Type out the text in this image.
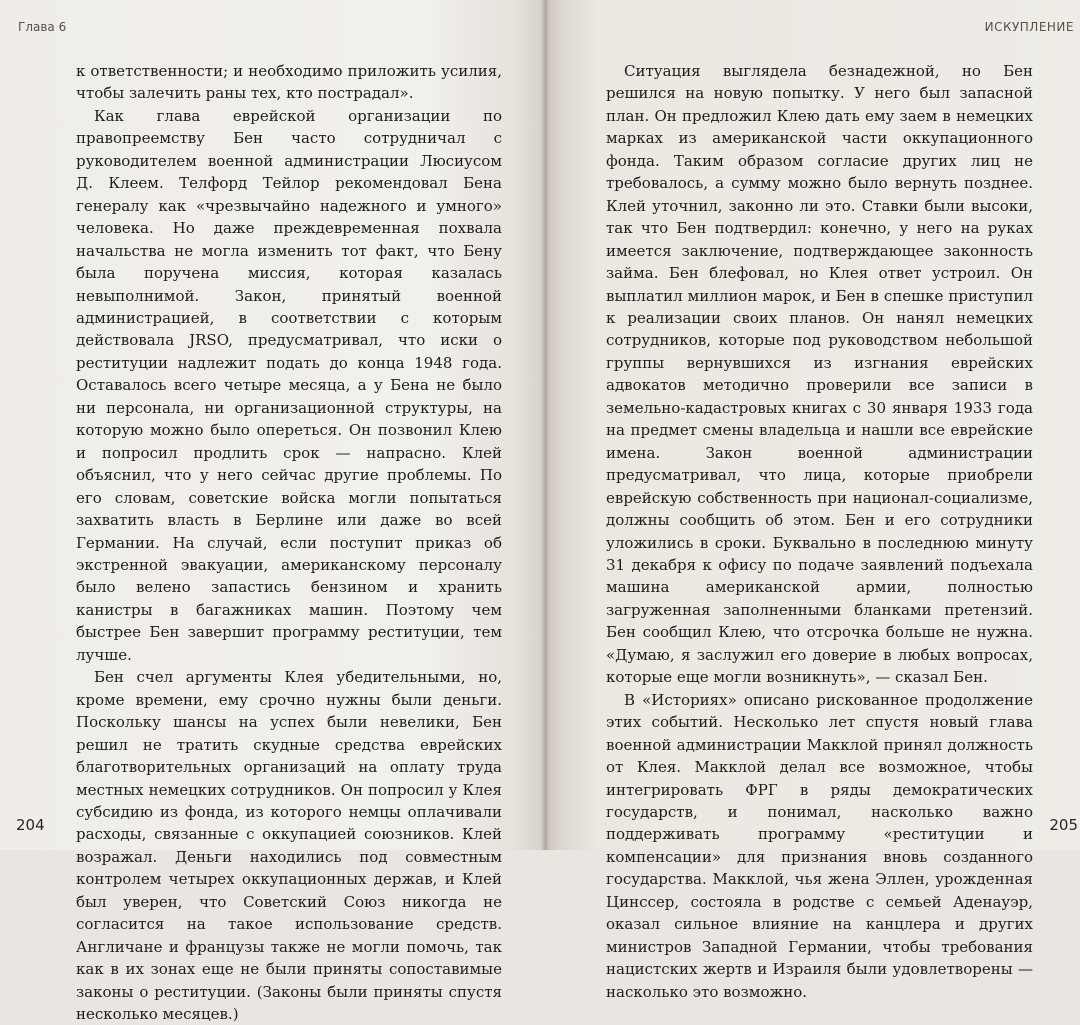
Глава 6

к ответственности; и необходимо приложить усилия, чтобы залечить раны тех, кто пострадал».

Как глава еврейской организации по правопреемству Бен часто сотрудничал с руководителем военной администрации Люсиусом Д. Клеем. Телфорд Тейлор рекомендовал Бена генералу как «чрезвычайно надежного и умного» человека. Но даже преждевременная похвала начальства не могла изменить тот факт, что Бену была поручена миссия, которая казалась невыполнимой. Закон, принятый военной администрацией, в соответствии с которым действовала JRSO, предусматривал, что иски о реституции надлежит подать до конца 1948 года. Оставалось всего четыре месяца, а у Бена не было ни персонала, ни организационной структуры, на которую можно было опереться. Он позвонил Клею и попросил продлить срок — напрасно. Клей объяснил, что у него сейчас другие проблемы. По его словам, советские войска могли попытаться захватить власть в Берлине или даже во всей Германии. На случай, если поступит приказ об экстренной эвакуации, американскому персоналу было велено запастись бензином и хранить канистры в багажниках машин. Поэтому чем быстрее Бен завершит программу реституции, тем лучше.

Бен счел аргументы Клея убедительными, но, кроме времени, ему срочно нужны были деньги. Поскольку шансы на успех были невелики, Бен решил не тратить скудные средства еврейских благотворительных организаций на оплату труда местных немецких сотрудников. Он попросил у Клея субсидию из фонда, из которого немцы оплачивали расходы, связанные с оккупацией союзников. Клей возражал. Деньги находились под совместным контролем четырех оккупационных держав, и Клей был уверен, что Советский Союз никогда не согласится на такое использование средств. Англичане и французы также не могли помочь, так как в их зонах еще не были приняты сопоставимые законы о реституции. (Законы были приняты спустя несколько месяцев.)

204
ИСКУПЛЕНИЕ

Ситуация выглядела безнадежной, но Бен решился на новую попытку. У него был запасной план. Он предложил Клею дать ему заем в немецких марках из американской части оккупационного фонда. Таким образом согласие других лиц не требовалось, а сумму можно было вернуть позднее. Клей уточнил, законно ли это. Ставки были высоки, так что Бен подтвердил: конечно, у него на руках имеется заключение, подтверждающее законность займа. Бен блефовал, но Клея ответ устроил. Он выплатил миллион марок, и Бен в спешке приступил к реализации своих планов. Он нанял немецких сотрудников, которые под руководством небольшой группы вернувшихся из изгнания еврейских адвокатов методично проверили все записи в земельно-кадастровых книгах с 30 января 1933 года на предмет смены владельца и нашли все еврейские имена. Закон военной администрации предусматривал, что лица, которые приобрели еврейскую собственность при национал-социализме, должны сообщить об этом. Бен и его сотрудники уложились в сроки. Буквально в последнюю минуту 31 декабря к офису по подаче заявлений подъехала машина американской армии, полностью загруженная заполненными бланками претензий. Бен сообщил Клею, что отсрочка больше не нужна. «Думаю, я заслужил его доверие в любых вопросах, которые еще могли возникнуть», — сказал Бен.

В «Историях» описано рискованное продолжение этих событий. Несколько лет спустя новый глава военной администрации Макклой принял должность от Клея. Макклой делал все возможное, чтобы интегрировать ФРГ в ряды демократических государств, и понимал, насколько важно поддерживать программу «реституции и компенсации» для признания вновь созданного государства. Макклой, чья жена Эллен, урожденная Цинссер, состояла в родстве с семьей Аденауэр, оказал сильное влияние на канцлера и других министров Западной Германии, чтобы требования нацистских жертв и Израиля были удовлетворены — насколько это возможно.

205
